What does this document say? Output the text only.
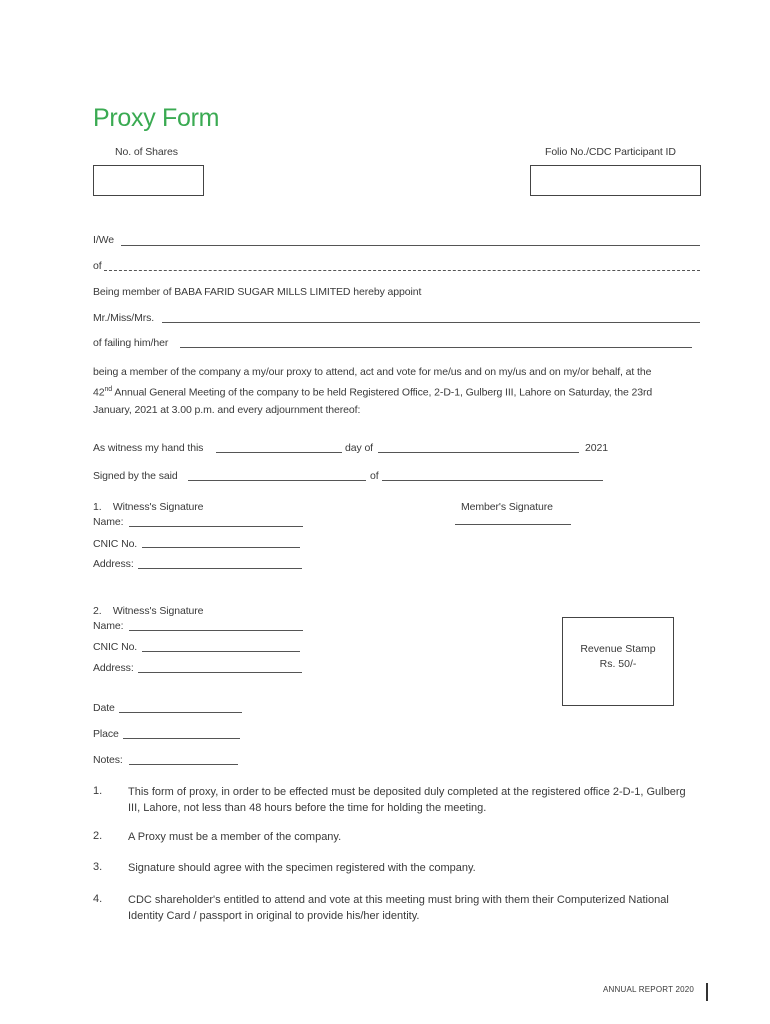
Proxy Form
No. of Shares	Folio No./CDC Participant ID
I/We
of
Being member of BABA FARID SUGAR MILLS LIMITED hereby appoint
Mr./Miss/Mrs.
of failing him/her
being a member of the company a my/our proxy to attend, act and vote for me/us and on my/us and on my/or behalf, at the
42nd Annual General Meeting of the company to be held Registered Office, 2-D-1, Gulberg III, Lahore on Saturday, the 23rd
January, 2021 at 3.00 p.m. and every adjournment thereof:
As witness my hand this	day of	2021
Signed by the said	of
1.    Witness's Signature
Name:
CNIC No.
Address:
Member's Signature
2.    Witness's Signature
Name:
CNIC No.
Address:
Revenue Stamp
Rs. 50/-
Date
Place
Notes:
1. This form of proxy, in order to be effected must be deposited duly completed at the registered office 2-D-1, Gulberg III, Lahore, not less than 48 hours before the time for holding the meeting.
2. A Proxy must be a member of the company.
3. Signature should agree with the specimen registered with the company.
4. CDC shareholder's entitled to attend and vote at this meeting must bring with them their Computerized National Identity Card / passport in original to provide his/her identity.
ANNUAL REPORT 2020
